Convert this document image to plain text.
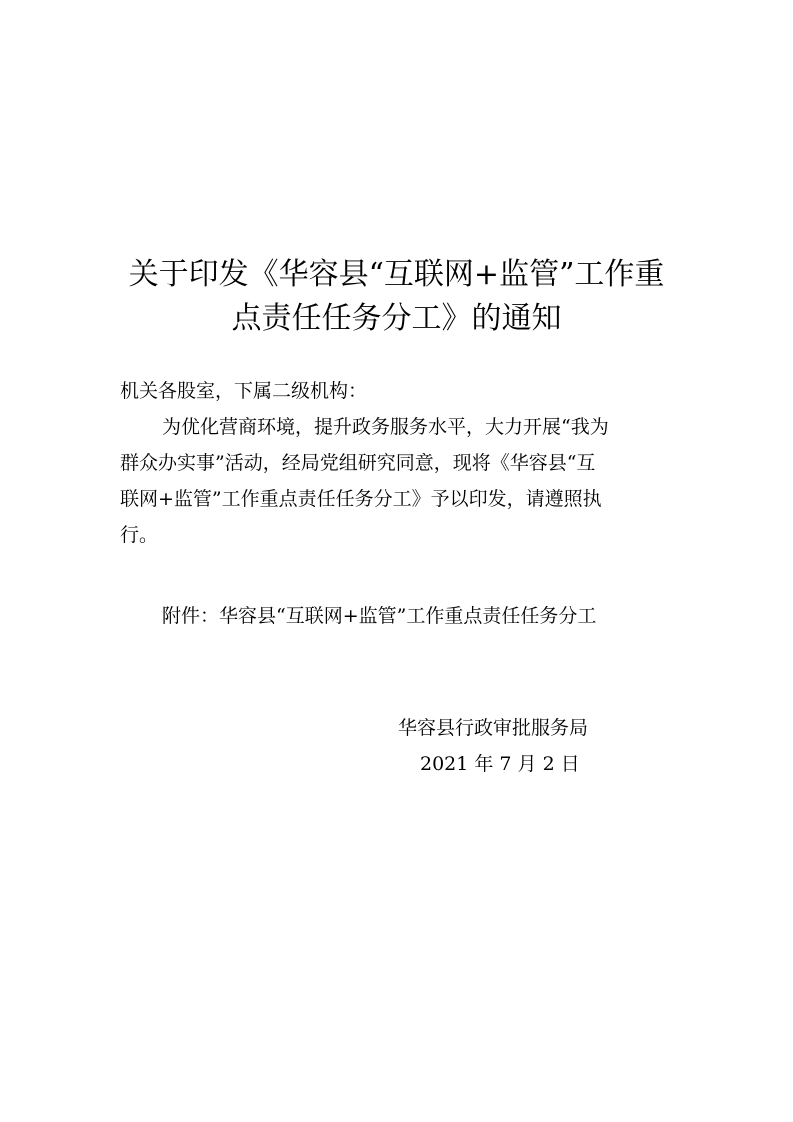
关于印发《华容县“互联网+监管”工作重
点责任任务分工》的通知
机关各股室，下属二级机构：
为优化营商环境，提升政务服务水平，大力开展“我为
群众办实事”活动，经局党组研究同意，现将《华容县“互
联网+监管”工作重点责任任务分工》予以印发，请遵照执
行。
附件：华容县“互联网+监管”工作重点责任任务分工
华容县行政审批服务局
2021 年 7 月 2 日
